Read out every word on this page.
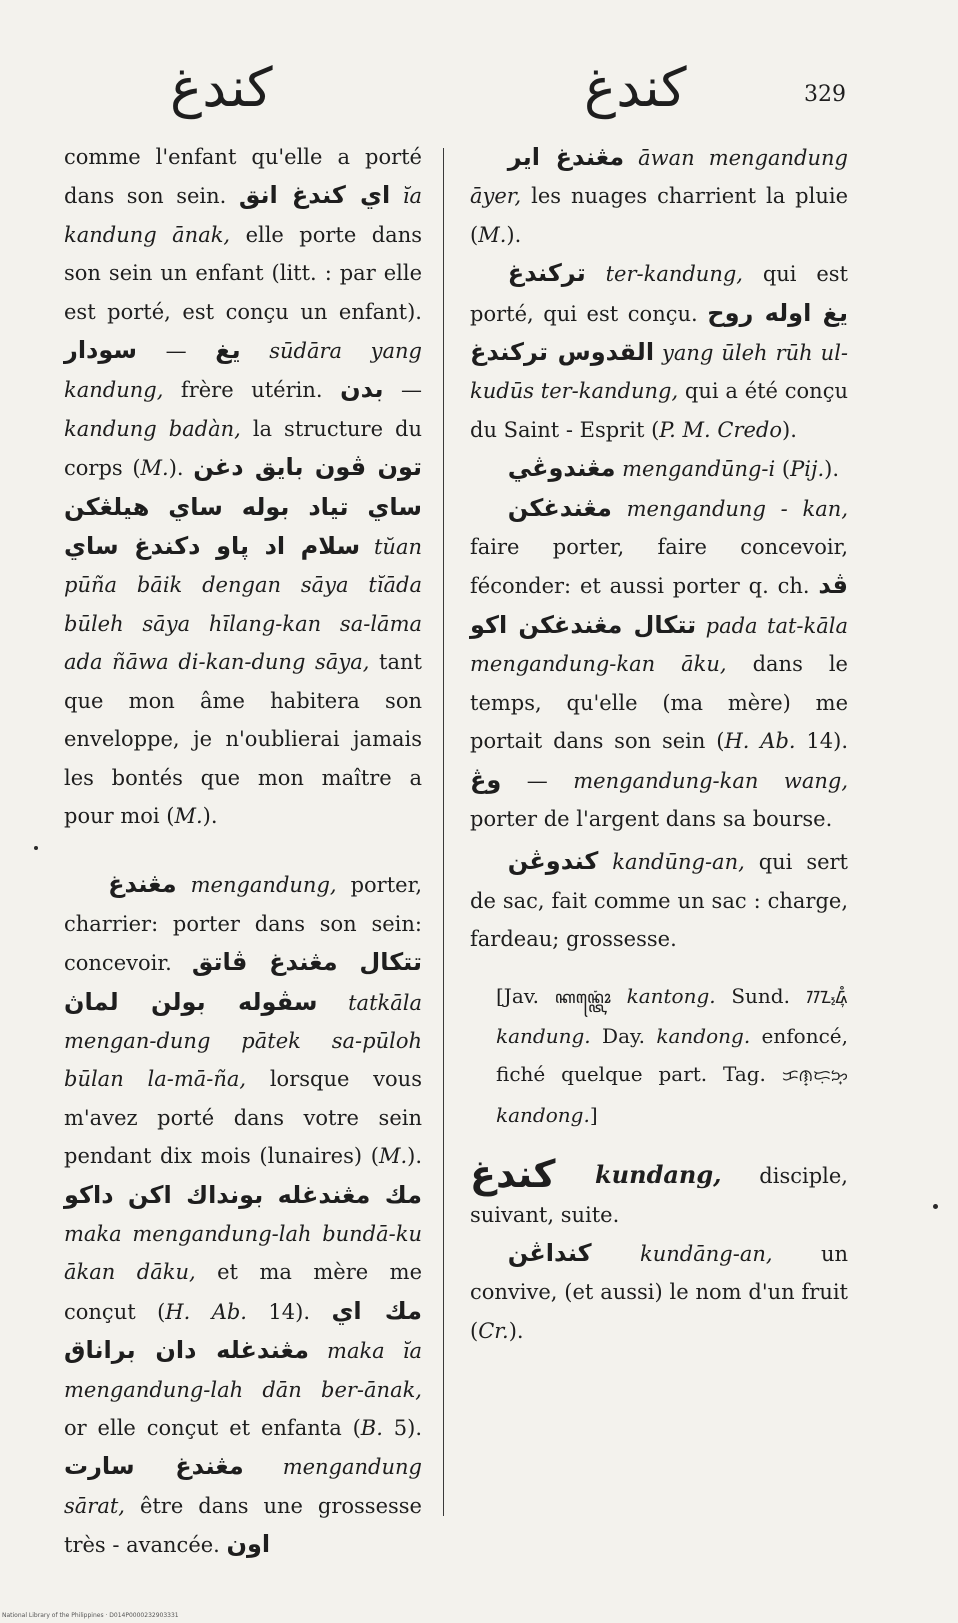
كندغ	كندغ	329

comme l'enfant qu'elle a porté dans son sein. اي كندغ انق ĭa kandung ānak, elle porte dans son sein un enfant (litt. : par elle est porté, est conçu un enfant). سودار — يغ sūdāra yang kandung, frère utérin. بدن — kandung badàn, la structure du corps (M.). تون ڤون بايق دغن ساي تياد بوله ساي هيلڠكن سلام اد ڽاو دكندغ ساي tŭan pūña bāik dengan sāya tĭāda būleh sāya hīlang-kan sa-lāma ada ñāwa di-kan-dung sāya, tant que mon âme habitera son enveloppe, je n'oublierai jamais les bontés que mon maître a pour moi (M.).

مڠندغ mengandung, porter, charrier: porter dans son sein: concevoir. تتكال مڠندغ ڤاتق سڤوله بولن لماڽ tatkāla mengan-dung pātek sa-pūloh būlan la-mā-ña, lorsque vous m'avez porté dans votre sein pendant dix mois (lunaires) (M.). مك مڠندغله بونداك اكن داكو maka mengandung-lah bundā-ku ākan dāku, et ma mère me conçut (H. Ab. 14). مك اي مڠندغله دان براناق maka ĭa mengandung-lah dān ber-ānak, or elle conçut et enfanta (B. 5). مڠندغ سارت mengandung sārat, être dans une grossesse très - avancée. اون

مڠندغ اير āwan mengandung āyer, les nuages charrient la pluie (M.).

تركندغ ter-kandung, qui est porté, qui est conçu. يغ اوله روح القدوس تركندغ yang ūleh rūh ul-kudūs ter-kandung, qui a été conçu du Saint - Esprit (P. M. Credo).

مڠندوڠي mengandūng-i (Pij.).

مڠندغكن mengandung - kan, faire porter, faire concevoir, féconder: et aussi porter q. ch. ڤد تتكال مڠندغكن اكو pada tat-kāla mengandung-kan āku, dans le temps, qu'elle (ma mère) me portait dans son sein (H. Ab. 14). وڠ — mengandung-kan wang, porter de l'argent dans sa bourse.

كندوڠن kandūng-an, qui sert de sac, fait comme un sac : charge, fardeau; grossesse.

[Jav. ꦏꦤ꧀ꦠꦺꦴꦁ kantong. Sund. ᮊᮔ᮪ᮓᮥᮀ kandung. Day. kandong. enfoncé, fiché quelque part. Tag. ᜃᜈ᜔ᜇᜓᜅ᜔ kandong.]

كندغ kundang, disciple, suivant, suite.

كنداڠن kundāng-an, un convive, (et aussi) le nom d'un fruit (Cr.).

National Library of the Philippines · D014P0000232903331
